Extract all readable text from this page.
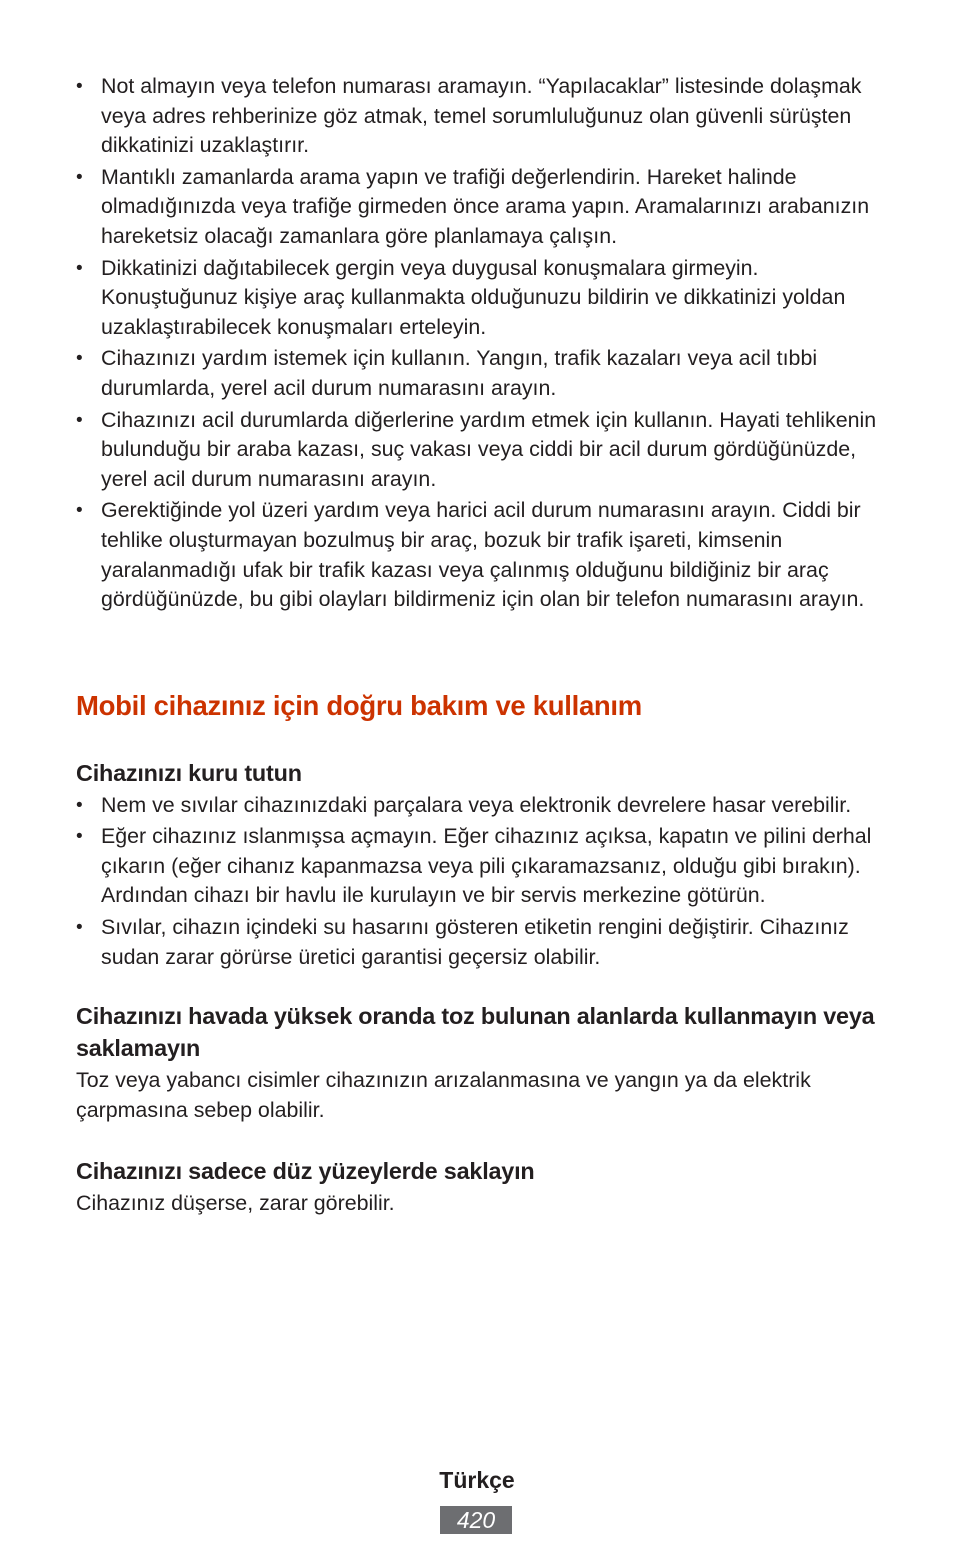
• Not almayın veya telefon numarası aramayın. “Yapılacaklar” listesinde dolaşmak veya adres rehberinize göz atmak, temel sorumluluğunuz olan güvenli sürüşten dikkatinizi uzaklaştırır.
• Mantıklı zamanlarda arama yapın ve trafiği değerlendirin. Hareket halinde olmadığınızda veya trafiğe girmeden önce arama yapın. Aramalarınızı arabanızın hareketsiz olacağı zamanlara göre planlamaya çalışın.
• Dikkatinizi dağıtabilecek gergin veya duygusal konuşmalara girmeyin. Konuştuğunuz kişiye araç kullanmakta olduğunuzu bildirin ve dikkatinizi yoldan uzaklaştırabilecek konuşmaları erteleyin.
• Cihazınızı yardım istemek için kullanın. Yangın, trafik kazaları veya acil tıbbi durumlarda, yerel acil durum numarasını arayın.
• Cihazınızı acil durumlarda diğerlerine yardım etmek için kullanın. Hayati tehlikenin bulunduğu bir araba kazası, suç vakası veya ciddi bir acil durum gördüğünüzde, yerel acil durum numarasını arayın.
• Gerektiğinde yol üzeri yardım veya harici acil durum numarasını arayın. Ciddi bir tehlike oluşturmayan bozulmuş bir araç, bozuk bir trafik işareti, kimsenin yaralanmadığı ufak bir trafik kazası veya çalınmış olduğunu bildiğiniz bir araç gördüğünüzde, bu gibi olayları bildirmeniz için olan bir telefon numarasını arayın.
Mobil cihazınız için doğru bakım ve kullanım
Cihazınızı kuru tutun
• Nem ve sıvılar cihazınızdaki parçalara veya elektronik devrelere hasar verebilir.
• Eğer cihazınız ıslanmışsa açmayın. Eğer cihazınız açıksa, kapatın ve pilini derhal çıkarın (eğer cihanız kapanmazsa veya pili çıkaramazsanız, olduğu gibi bırakın). Ardından cihazı bir havlu ile kurulayın ve bir servis merkezine götürün.
• Sıvılar, cihazın içindeki su hasarını gösteren etiketin rengini değiştirir. Cihazınız sudan zarar görürse üretici garantisi geçersiz olabilir.
Cihazınızı havada yüksek oranda toz bulunan alanlarda kullanmayın veya saklamayın

Toz veya yabancı cisimler cihazınızın arızalanmasına ve yangın ya da elektrik çarpmasına sebep olabilir.

Cihazınızı sadece düz yüzeylerde saklayın

Cihazınız düşerse, zarar görebilir.

Türkçe
420
